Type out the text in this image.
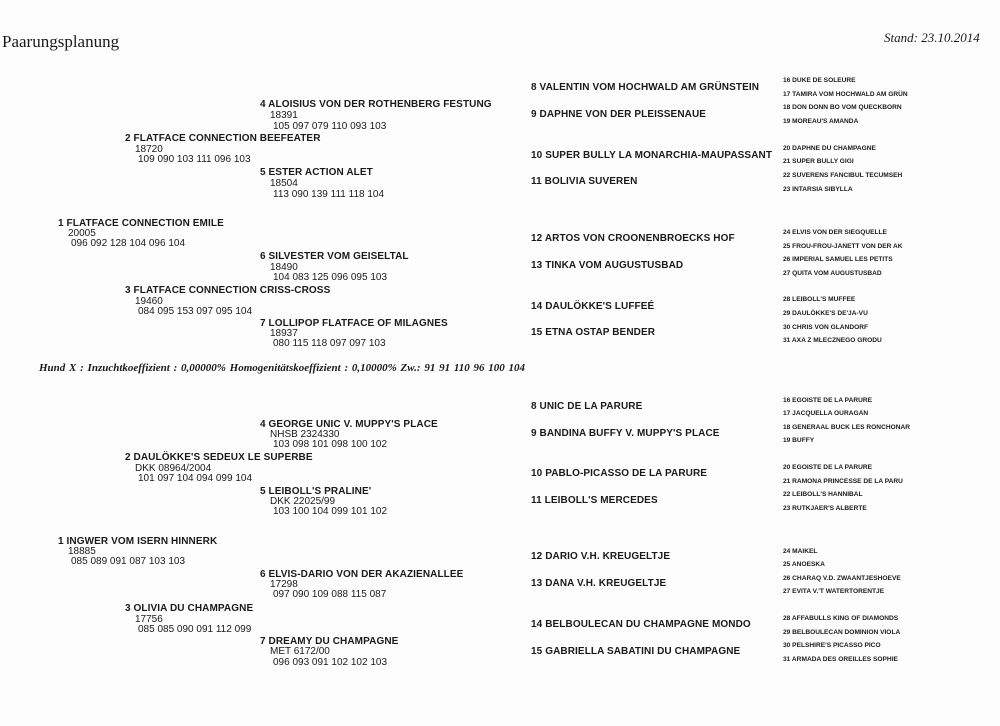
Paarungsplanung	Stand: 23.10.2014
4 ALOISIUS VON DER ROTHENBERG FESTUNG
18391
105 097 079 110 093 103
2 FLATFACE CONNECTION BEEFEATER
18720
109 090 103 111 096 103
5 ESTER ACTION ALET
18504
113 090 139 111 118 104
1 FLATFACE CONNECTION EMILE
20005
096 092 128 104 096 104
6 SILVESTER VOM GEISELTAL
18490
104 083 125 096 095 103
3 FLATFACE CONNECTION CRISS-CROSS
19460
084 095 153 097 095 104
7 LOLLIPOP FLATFACE OF MILAGNES
18937
080 115 118 097 097 103
8 VALENTIN VOM HOCHWALD AM GRÜNSTEIN
9 DAPHNE VON DER PLEISSENAUE
10 SUPER BULLY LA MONARCHIA-MAUPASSANT
11 BOLIVIA SUVEREN
12 ARTOS VON CROONENBROECKS HOF
13 TINKA VOM AUGUSTUSBAD
14 DAULÖKKE'S LUFFEÉ
15 ETNA OSTAP BENDER
16 DUKE DE SOLEURE
17 TAMIRA VOM HOCHWALD AM GRÜN
18 DON DONN BO VOM QUECKBORN
19 MOREAU'S AMANDA
20 DAPHNE DU CHAMPAGNE
21 SUPER BULLY GIGI
22 SUVERENS FANCIBUL TECUMSEH
23 INTARSIA SIBYLLA
24 ELVIS VON DER SIEGQUELLE
25 FROU-FROU-JANETT VON DER AK
26 IMPERIAL SAMUEL LES PETITS
27 QUITA VOM AUGUSTUSBAD
28 LEIBOLL'S MUFFEE
29 DAULÖKKE'S DE'JA-VU
30 CHRIS VON GLANDORF
31 AXA Z MLECZNEGO GRODU
Hund X : Inzuchtkoeffizient : 0,00000% Homogenitätskoeffizient : 0,10000% Zw.: 91 91 110 96 100 104
4 GEORGE UNIC V. MUPPY'S PLACE
NHSB 2324330
103 098 101 098 100 102
2 DAULÖKKE'S SEDEUX LE SUPERBE
DKK 08964/2004
101 097 104 094 099 104
5 LEIBOLL'S PRALINE'
DKK 22025/99
103 100 104 099 101 102
1 INGWER VOM ISERN HINNERK
18885
085 089 091 087 103 103
6 ELVIS-DARIO VON DER AKAZIENALLEE
17298
097 090 109 088 115 087
3 OLIVIA DU CHAMPAGNE
17756
085 085 090 091 112 099
7 DREAMY DU CHAMPAGNE
MET 6172/00
096 093 091 102 102 103
8 UNIC DE LA PARURE
9 BANDINA BUFFY V. MUPPY'S PLACE
10 PABLO-PICASSO DE LA PARURE
11 LEIBOLL'S MERCEDES
12 DARIO V.H. KREUGELTJE
13 DANA V.H. KREUGELTJE
14 BELBOULECAN DU CHAMPAGNE MONDO
15 GABRIELLA SABATINI DU CHAMPAGNE
16 EGOISTE DE LA PARURE
17 JACQUELLA OURAGAN
18 GENERAAL BUCK LES RONCHONAR
19 BUFFY
20 EGOISTE DE LA PARURE
21 RAMONA PRINCESSE DE LA PARU
22 LEIBOLL'S HANNIBAL
23 RUTKJAER'S ALBERTE
24 MAIKEL
25 ANOESKA
26 CHARAQ V.D. ZWAANTJESHOEVE
27 EVITA V.'T WATERTORENTJE
28 AFFABULLS KING OF DIAMONDS
29 BELBOULECAN DOMINION VIOLA
30 PELSHIRE'S PICASSO PICO
31 ARMADA DES OREILLES SOPHIE
